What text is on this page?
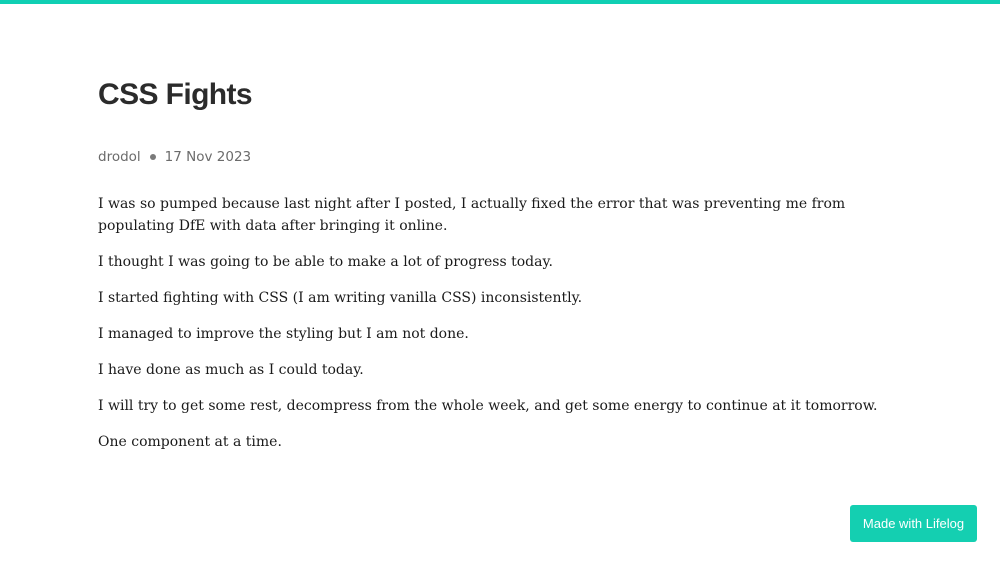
CSS Fights
drodol 17 Nov 2023

I was so pumped because last night after I posted, I actually fixed the error that was preventing me from populating DfE with data after bringing it online.

I thought I was going to be able to make a lot of progress today.

I started fighting with CSS (I am writing vanilla CSS) inconsistently.

I managed to improve the styling but I am not done.

I have done as much as I could today.

I will try to get some rest, decompress from the whole week, and get some energy to continue at it tomorrow.

One component at a time.

Made with Lifelog
